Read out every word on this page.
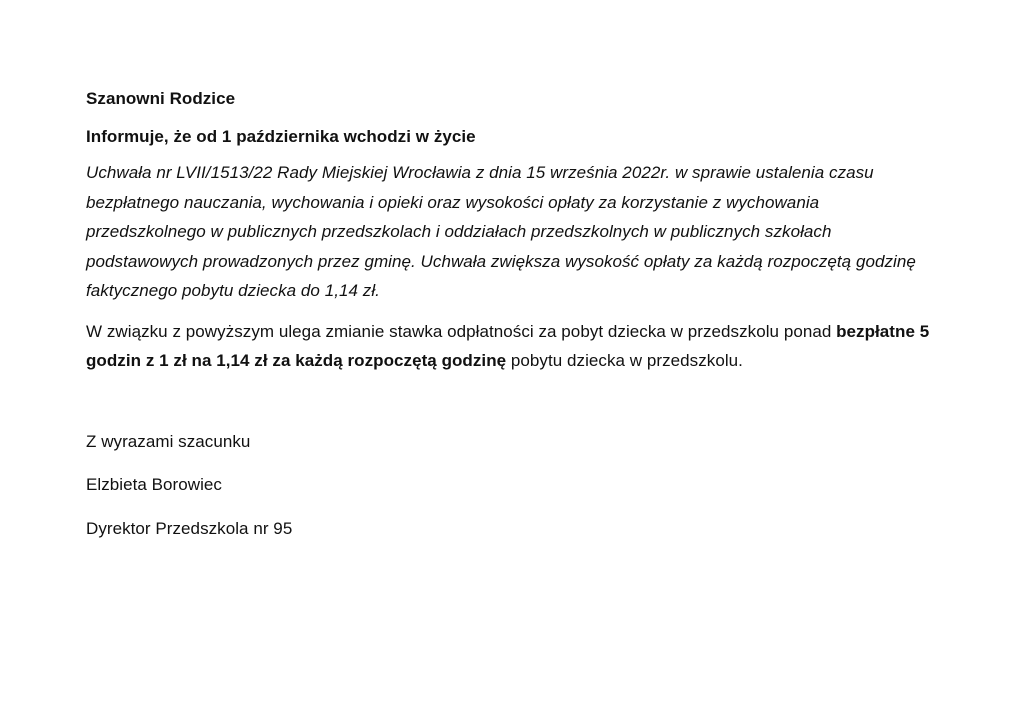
Szanowni Rodzice

Informuje, że od 1 października wchodzi w życie

Uchwała nr LVII/1513/22 Rady Miejskiej Wrocławia z dnia 15 września 2022r. w sprawie ustalenia czasu bezpłatnego nauczania, wychowania i opieki oraz wysokości opłaty za korzystanie z wychowania przedszkolnego w publicznych przedszkolach i oddziałach przedszkolnych w publicznych szkołach podstawowych prowadzonych przez gminę. Uchwała zwiększa wysokość opłaty za każdą rozpoczętą godzinę faktycznego pobytu dziecka do 1,14 zł.

W związku z powyższym ulega zmianie stawka odpłatności za pobyt dziecka w przedszkolu ponad bezpłatne 5 godzin z 1 zł na 1,14 zł za każdą rozpoczętą godzinę pobytu dziecka w przedszkolu.

Z wyrazami szacunku

Elzbieta Borowiec

Dyrektor Przedszkola nr 95
